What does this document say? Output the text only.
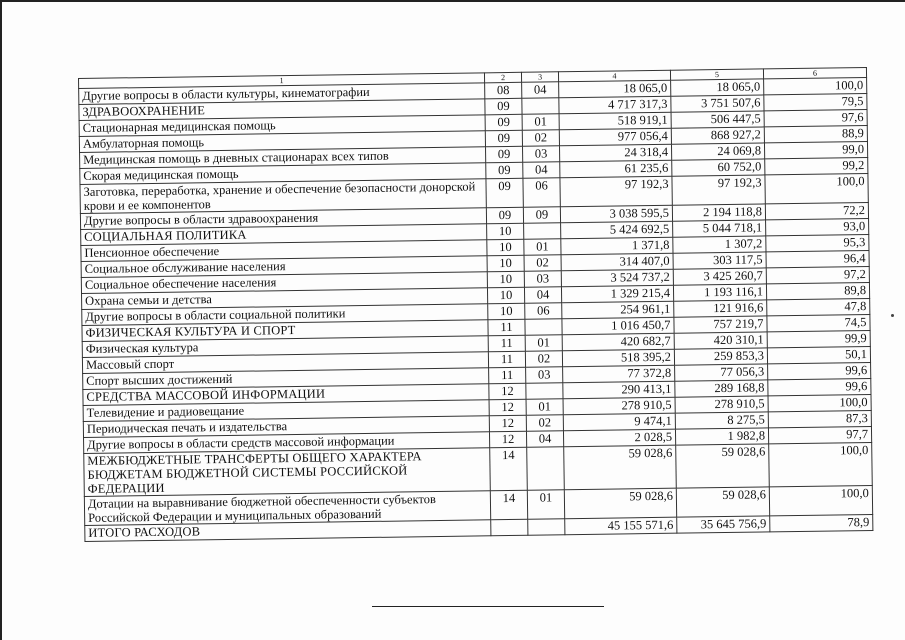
1	2	3	4	5	6
Другие вопросы в области культуры, кинематографии	08	04	18 065,0	18 065,0	100,0
ЗДРАВООХРАНЕНИЕ	09		4 717 317,3	3 751 507,6	79,5
Стационарная медицинская помощь	09	01	518 919,1	506 447,5	97,6
Амбулаторная помощь	09	02	977 056,4	868 927,2	88,9
Медицинская помощь в дневных стационарах всех типов	09	03	24 318,4	24 069,8	99,0
Скорая медицинская помощь	09	04	61 235,6	60 752,0	99,2
Заготовка, переработка, хранение и обеспечение безопасности донорской крови и ее компонентов	09	06	97 192,3	97 192,3	100,0
Другие вопросы в области здравоохранения	09	09	3 038 595,5	2 194 118,8	72,2
СОЦИАЛЬНАЯ ПОЛИТИКА	10		5 424 692,5	5 044 718,1	93,0
Пенсионное обеспечение	10	01	1 371,8	1 307,2	95,3
Социальное обслуживание населения	10	02	314 407,0	303 117,5	96,4
Социальное обеспечение населения	10	03	3 524 737,2	3 425 260,7	97,2
Охрана семьи и детства	10	04	1 329 215,4	1 193 116,1	89,8
Другие вопросы в области социальной политики	10	06	254 961,1	121 916,6	47,8
ФИЗИЧЕСКАЯ КУЛЬТУРА И СПОРТ	11		1 016 450,7	757 219,7	74,5
Физическая культура	11	01	420 682,7	420 310,1	99,9
Массовый спорт	11	02	518 395,2	259 853,3	50,1
Спорт высших достижений	11	03	77 372,8	77 056,3	99,6
СРЕДСТВА МАССОВОЙ ИНФОРМАЦИИ	12		290 413,1	289 168,8	99,6
Телевидение и радиовещание	12	01	278 910,5	278 910,5	100,0
Периодическая печать и издательства	12	02	9 474,1	8 275,5	87,3
Другие вопросы в области средств массовой информации	12	04	2 028,5	1 982,8	97,7
МЕЖБЮДЖЕТНЫЕ ТРАНСФЕРТЫ ОБЩЕГО ХАРАКТЕРА БЮДЖЕТАМ БЮДЖЕТНОЙ СИСТЕМЫ РОССИЙСКОЙ ФЕДЕРАЦИИ	14		59 028,6	59 028,6	100,0
Дотации на выравнивание бюджетной обеспеченности субъектов Российской Федерации и муниципальных образований	14	01	59 028,6	59 028,6	100,0
ИТОГО РАСХОДОВ			45 155 571,6	35 645 756,9	78,9
